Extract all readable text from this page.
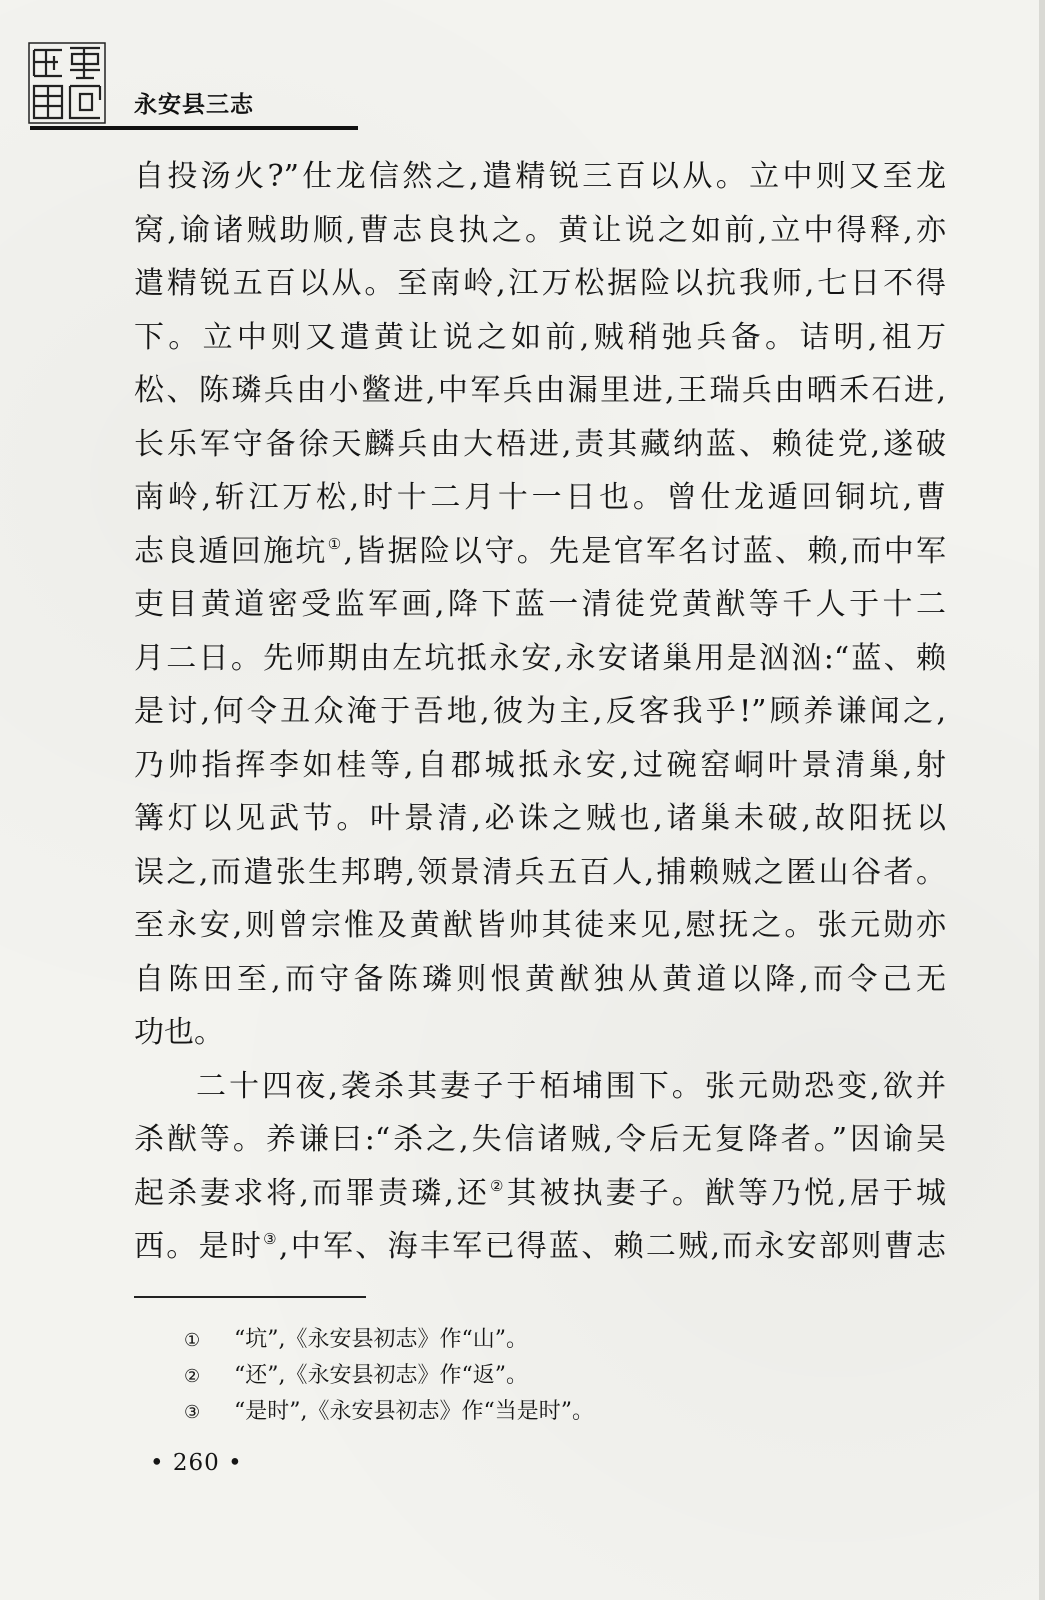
永安县三志
自投汤火?”仕龙信然之,遣精锐三百以从。立中则又至龙
窝,谕诸贼助顺,曹志良执之。黄让说之如前,立中得释,亦
遣精锐五百以从。至南岭,江万松据险以抗我师,七日不得
下。立中则又遣黄让说之如前,贼稍弛兵备。诘明,祖万
松、陈璘兵由小鳖进,中军兵由漏里进,王瑞兵由晒禾石进,
长乐军守备徐天麟兵由大梧进,责其藏纳蓝、赖徒党,遂破
南岭,斩江万松,时十二月十一日也。曾仕龙遁回铜坑,曹
志良遁回施坑①,皆据险以守。先是官军名讨蓝、赖,而中军
吏目黄道密受监军画,降下蓝一清徒党黄猷等千人于十二
月二日。先师期由左坑抵永安,永安诸巢用是汹汹:“蓝、赖
是讨,何令丑众淹于吾地,彼为主,反客我乎!”顾养谦闻之,
乃帅指挥李如桂等,自郡城抵永安,过碗窑峒叶景清巢,射
篝灯以见武节。叶景清,必诛之贼也,诸巢未破,故阳抚以
误之,而遣张生邦聘,领景清兵五百人,捕赖贼之匿山谷者。
至永安,则曾宗惟及黄猷皆帅其徒来见,慰抚之。张元勋亦
自陈田至,而守备陈璘则恨黄猷独从黄道以降,而令己无
功也。
二十四夜,袭杀其妻子于栢埔围下。张元勋恐变,欲并
杀猷等。养谦曰:“杀之,失信诸贼,令后无复降者。”因谕吴
起杀妻求将,而罪责璘,还②其被执妻子。猷等乃悦,居于城
西。是时③,中军、海丰军已得蓝、赖二贼,而永安部则曹志
① “坑”,《永安县初志》作“山”。
② “还”,《永安县初志》作“返”。
③ “是时”,《永安县初志》作“当是时”。
• 260 •
